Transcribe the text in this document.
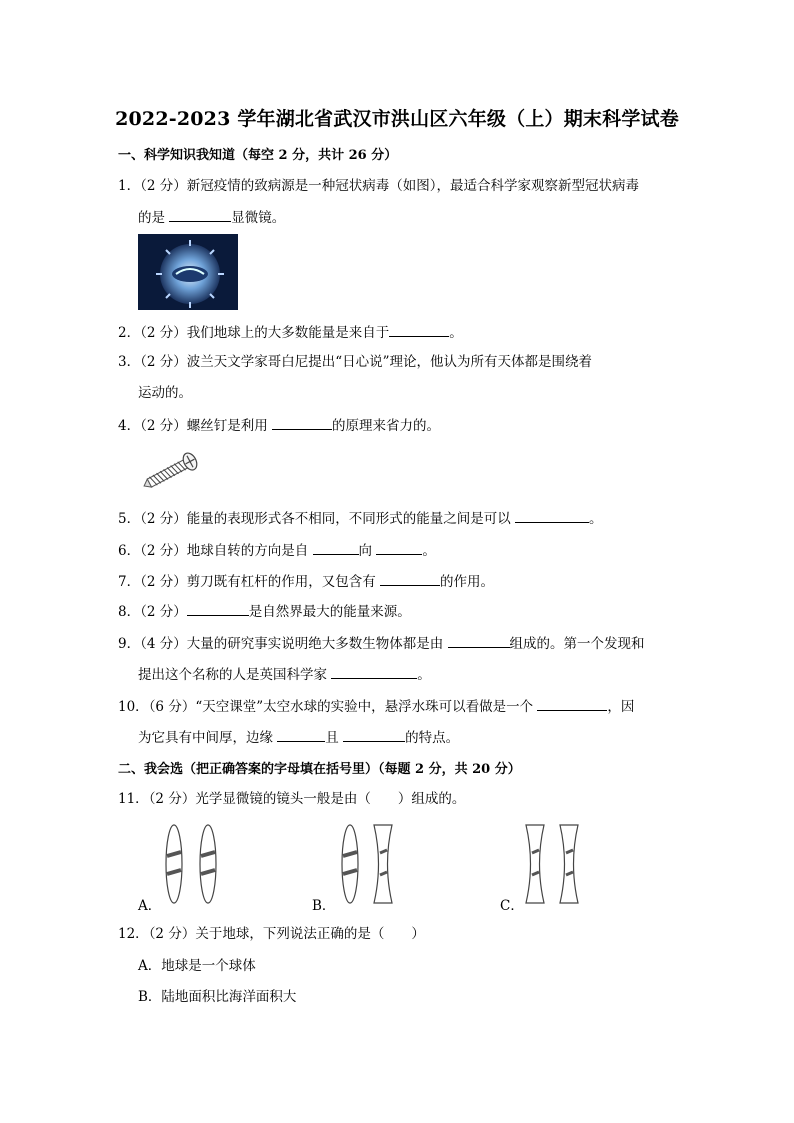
2022-2023 学年湖北省武汉市洪山区六年级（上）期末科学试卷
一、科学知识我知道（每空 2 分，共计 26 分）
1．（2 分）新冠疫情的致病源是一种冠状病毒（如图），最适合科学家观察新型冠状病毒
的是	显微镜。
2．（2 分）我们地球上的大多数能量是来自于	。
3．（2 分）波兰天文学家哥白尼提出“日心说”理论，他认为所有天体都是围绕着
运动的。
4．（2 分）螺丝钉是利用	的原理来省力的。
5．（2 分）能量的表现形式各不相同，不同形式的能量之间是可以	。
6．（2 分）地球自转的方向是自	向	。
7．（2 分）剪刀既有杠杆的作用，又包含有	的作用。
8．（2 分）	是自然界最大的能量来源。
9．（4 分）大量的研究事实说明绝大多数生物体都是由	组成的。第一个发现和
提出这个名称的人是英国科学家	。
10．（6 分）“天空课堂”太空水球的实验中，悬浮水珠可以看做是一个	，因
为它具有中间厚，边缘	且	的特点。
二、我会选（把正确答案的字母填在括号里）（每题 2 分，共 20 分）
11．（2 分）光学显微镜的镜头一般是由（　　）组成的。
A．	B．	C．
12．（2 分）关于地球，下列说法正确的是（　　）
A．地球是一个球体
B．陆地面积比海洋面积大
